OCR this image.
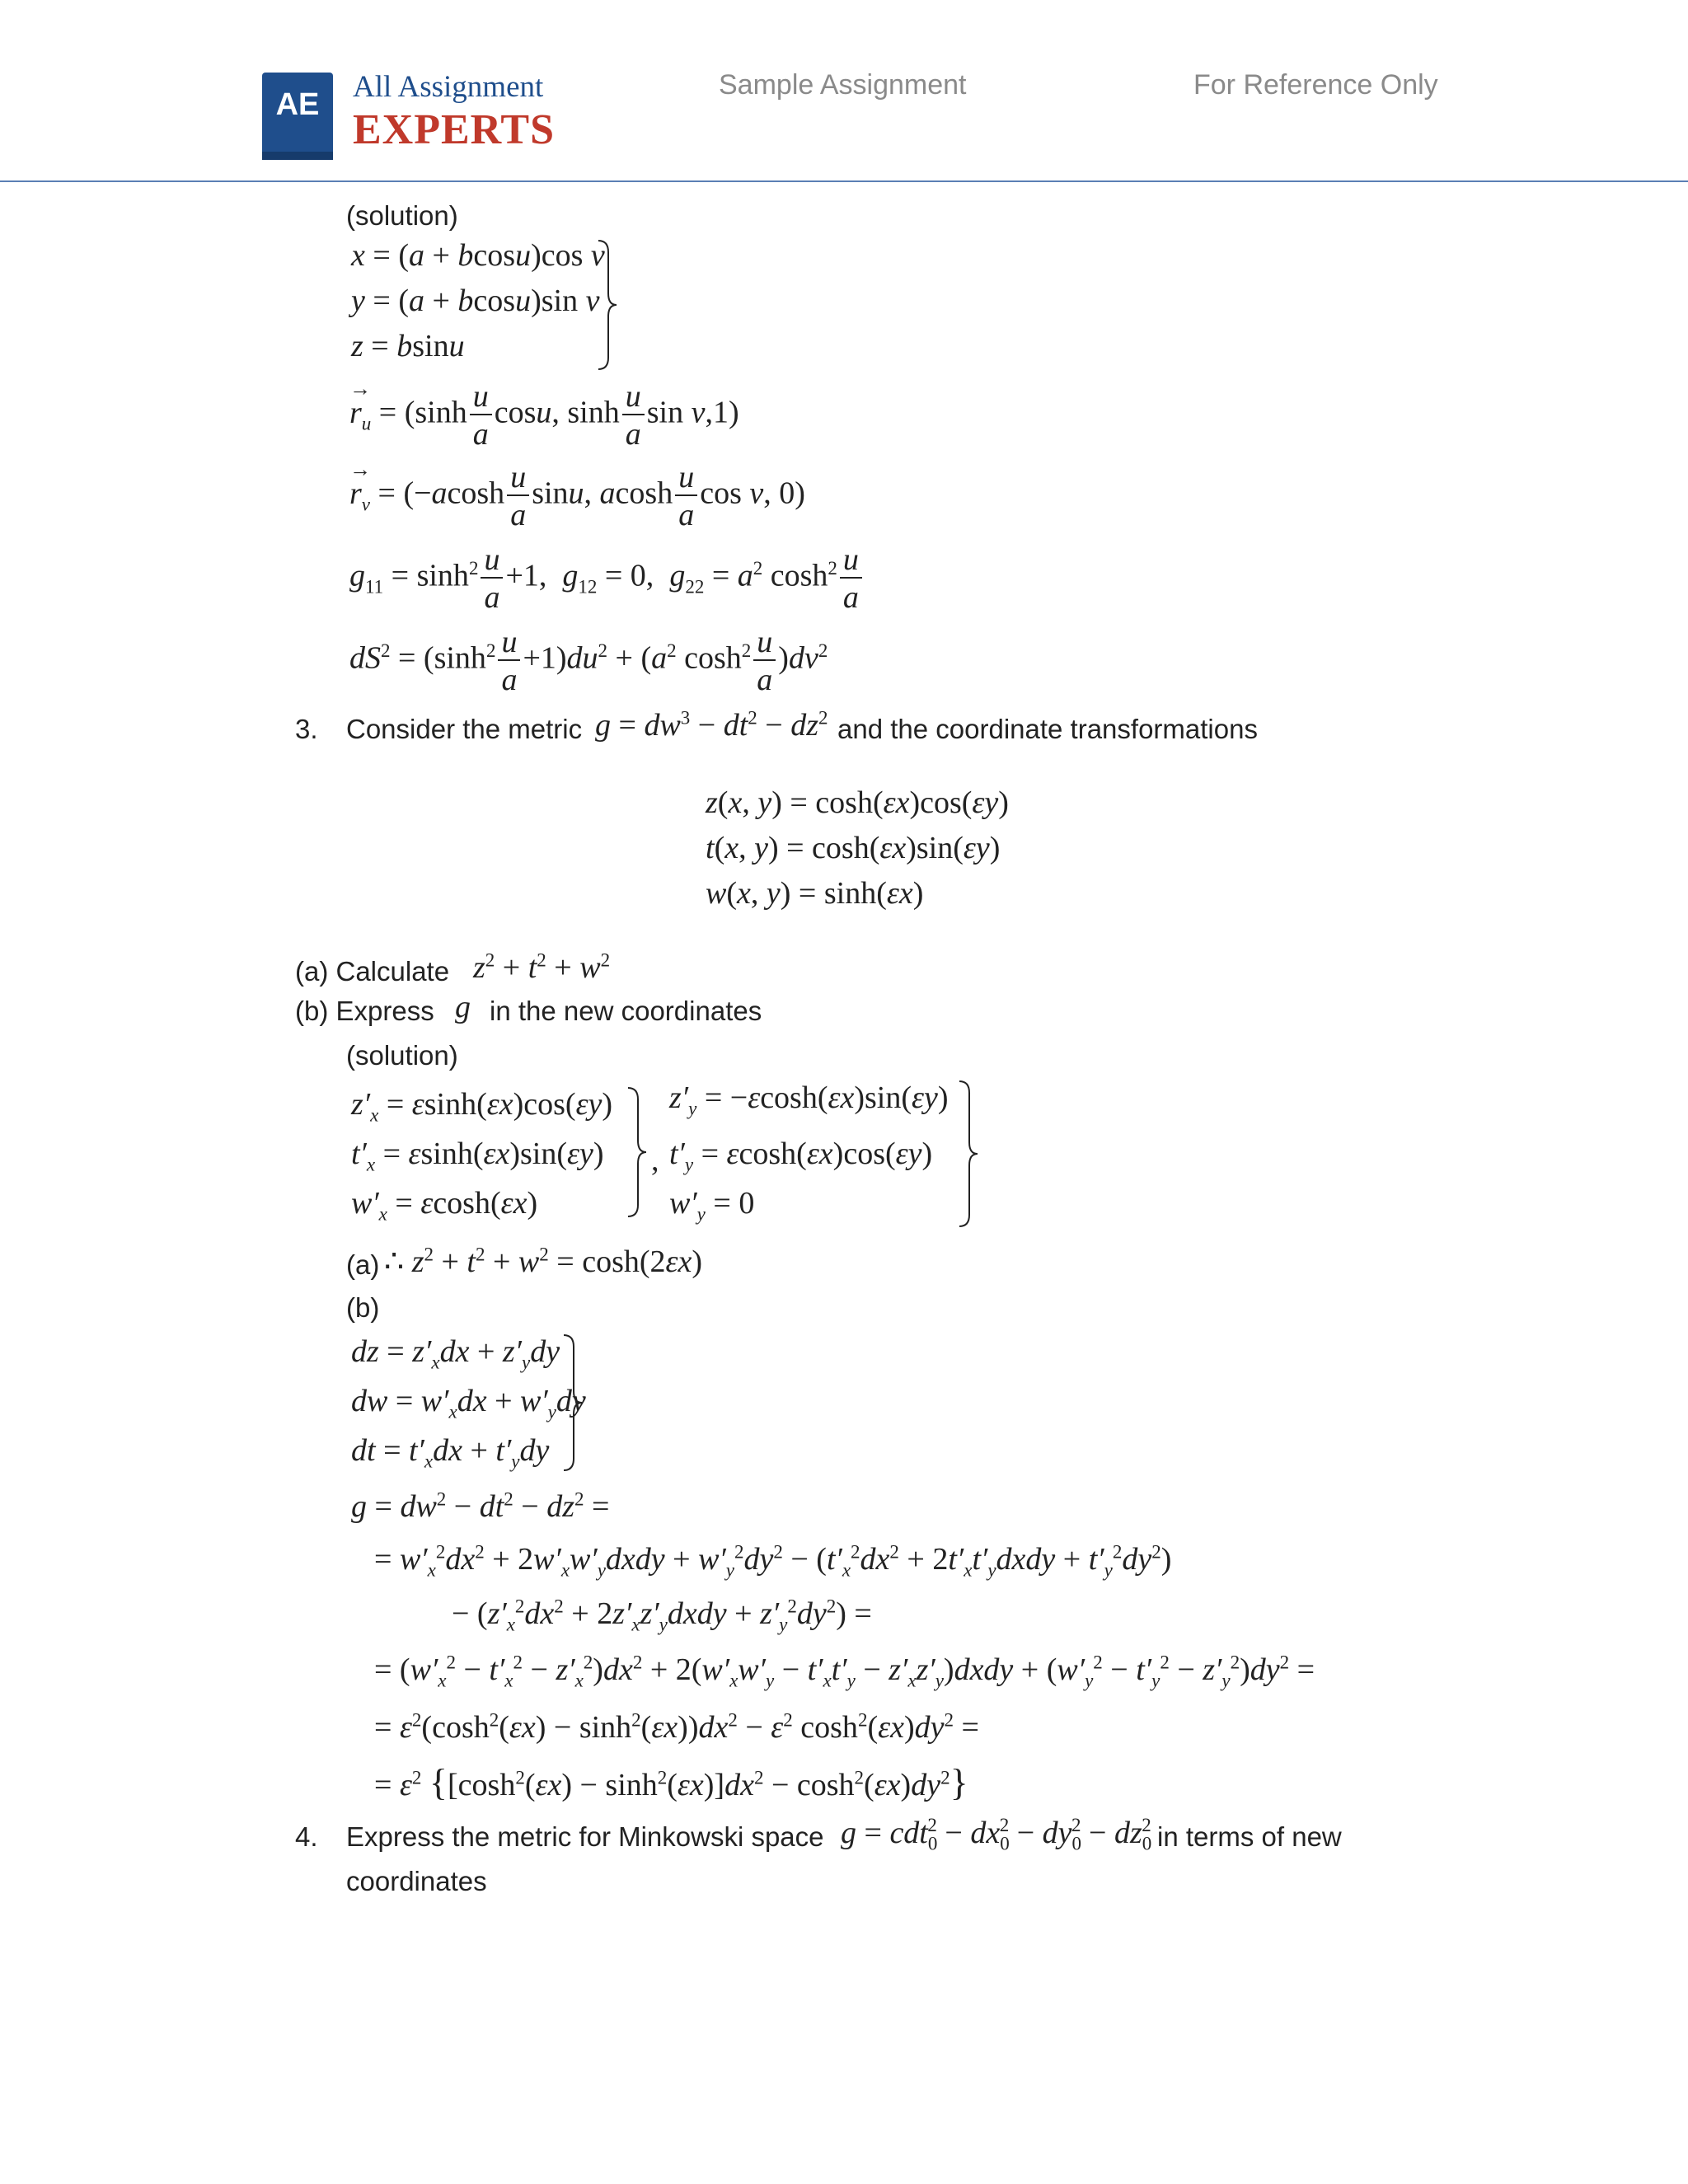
AE
All Assignment
EXPERTS
Sample Assignment	For Reference Only
(solution)
x = (a + bcosu)cos v
y = (a + bcosu)sin v
z = bsinu
r
→
$_u = (\sinh \frac{u}{a} \cos u$, $\sinh \frac{u}{a}$ sin v,1)
r
→
$_v = (-acosh \frac{u}{a} \sin u$, acosh $\frac{u}{a}$ cos v, 0)
$g_{11} = \sinh^2 \frac{u}{a} +1$,  $g_{12} = 0$,  $g_{22} = a^2$ $\cosh^2 \frac{u}{a}$
$dS^2 = (\sinh^2 \frac{u}{a} +1)du^2 + (a^2$ $\cosh^2 \frac{u}{a} )dv^2$
3. Consider the metric $g = dw^3 - dt^2 - dz^2$ and the coordinate transformations
z(x, y) = cosh(εx)cos(εy)
t(x, y) = cosh(εx)sin(εy)
w(x, y) = sinh(εx)
(a) Calculate $z^2 + t^2 + w^2$
(b) Express g in the new coordinates
(solution)
$z'_x = \varepsilon\sinh(\varepsilon x)\cos(\varepsilon y)$
$t'_x = \varepsilon\sinh(\varepsilon x)\sin(\varepsilon y)$
$w'_x = \varepsilon\cosh(\varepsilon x)$
,
$z'_y = -\varepsilon\cosh(\varepsilon x)\sin(\varepsilon y)$
$t'_y = \varepsilon\cosh(\varepsilon x)\cos(\varepsilon y)$
$w'_y = 0$
(a) ∴ $z^2 + t^2 + w^2 = \cosh(2\varepsilon x)$
(b)
dz = $z'_xdx + z'_ydy$
dw = $w'_xdx + w'_ydy$
dt = $t'_xdx + t'_ydy$
$g = dw^2 - dt^2 - dz^2$ =
= $w'_x^2dx^2$ + $2w'_xw'_ydxdy + w'_y^2dy^2 - (t'_x^2dx^2$ + $2t'_xt'_ydxdy + t'_y^2dy^2$)
− ($z'_x^2dx^2$ + $2z'_xz'_ydxdy + z'_y^2dy^2$) =
= $(w'_x^2 - t'_x^2 - z'_x^2)dx^2 + 2(w'_xw'_y - t'_xt'_y$ − $z'_xz'_y)dxdy + (w'_y^2 - t'_y^2 - z'_y^2)dy^2$ =
= $\varepsilon^2(\cosh^2(\varepsilon x) - \sinh^2(\varepsilon x))dx^2 - \varepsilon^2$ $\cosh^2(\varepsilon x)dy^2$ =
= $\varepsilon^2$ $\{[\cosh^2(\varepsilon x) - \sinh^2(\varepsilon x)]dx^2 - \cosh^2(\varepsilon x)dy^2\}$
4. Express the metric for Minkowski space $g = cdt_0^2 - dx_0^2 - dy_0^2 - dz_0^2$ in terms of new
coordinates
